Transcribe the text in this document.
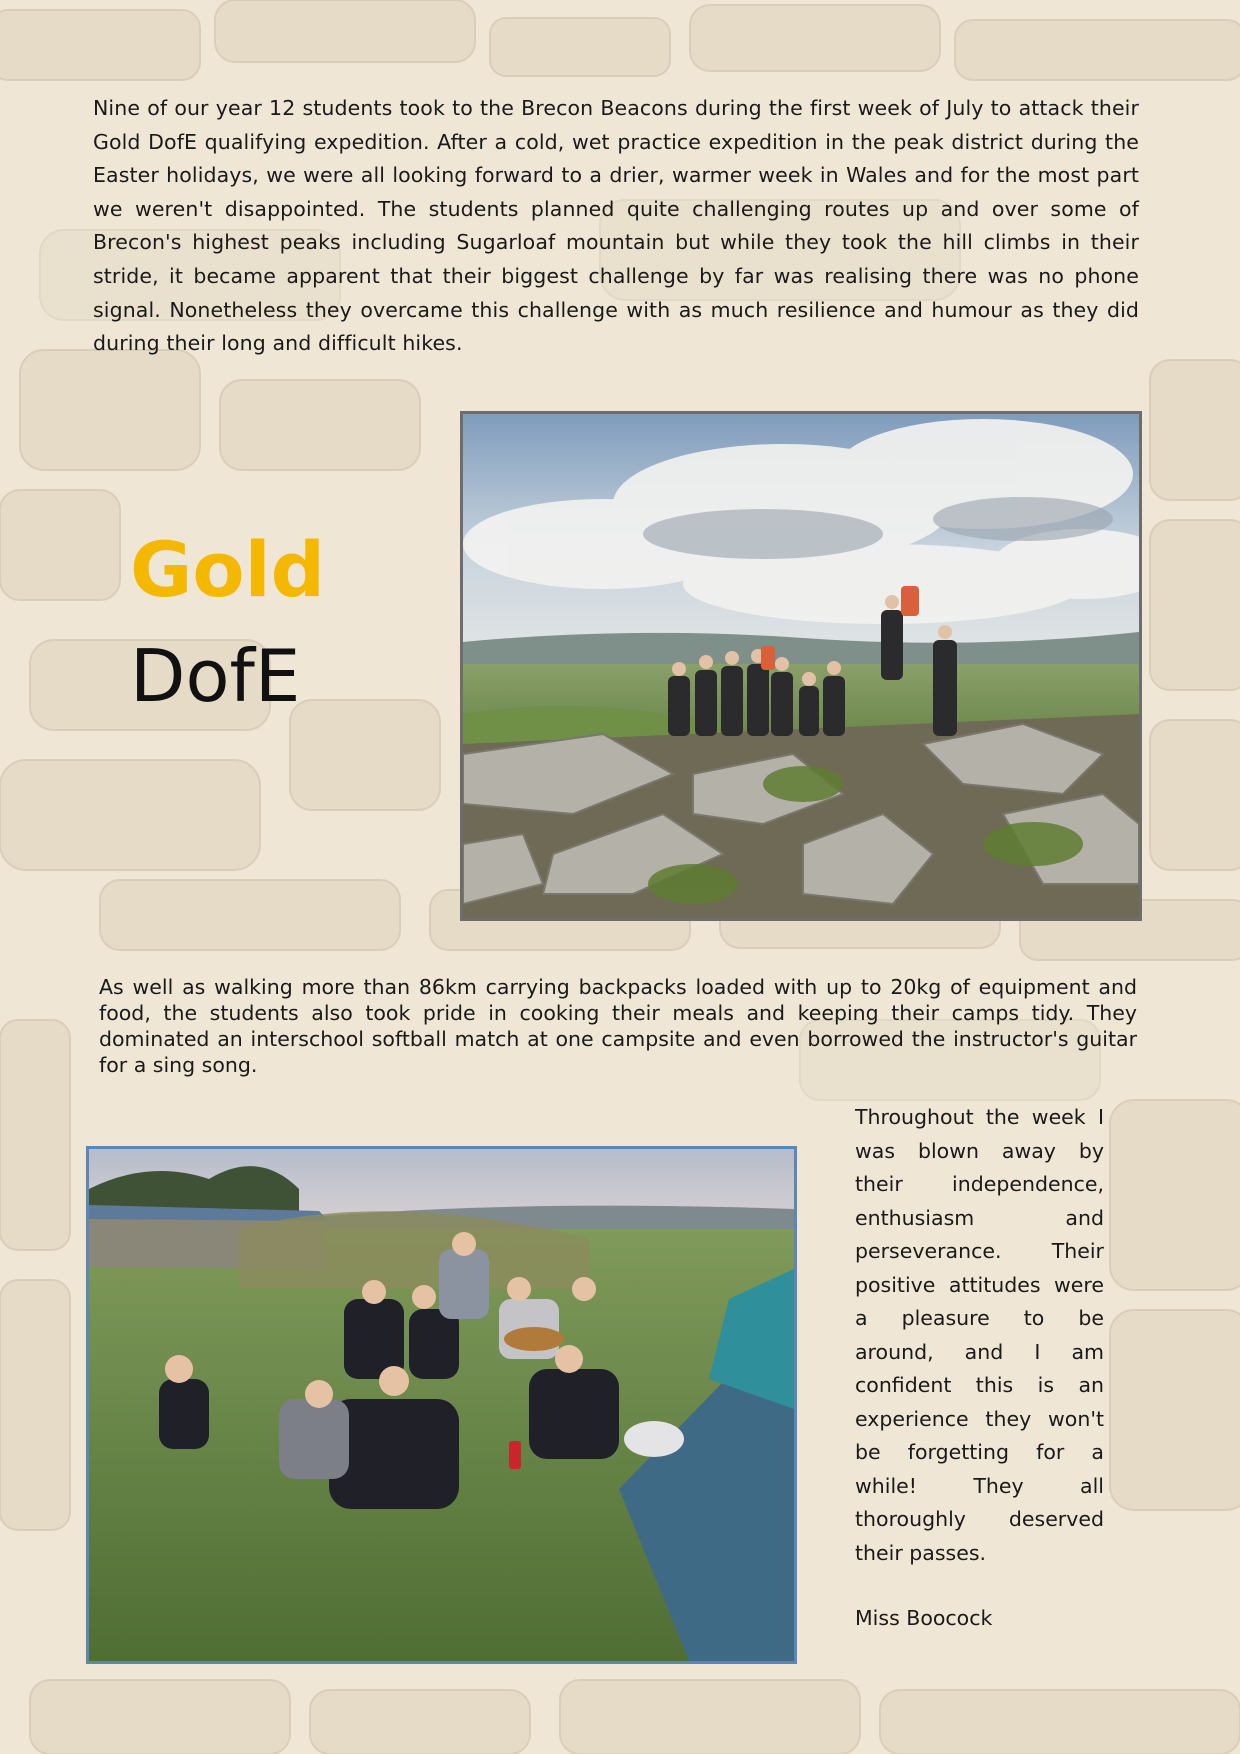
Nine of our year 12 students took to the Brecon Beacons during the first week of July to attack their Gold DofE qualifying expedition. After a cold, wet practice expedition in the peak district during the Easter holidays, we were all looking forward to a drier, warmer week in Wales and for the most part we weren't disappointed. The students planned quite challenging routes up and over some of Brecon's highest peaks including Sugarloaf mountain but while they took the hill climbs in their stride, it became apparent that their biggest challenge by far was realising there was no phone signal. Nonetheless they overcame this challenge with as much resilience and humour as they did during their long and difficult hikes.
Gold
DofE
As well as walking more than 86km carrying backpacks loaded with up to 20kg of equipment and food, the students also took pride in cooking their meals and keeping their camps tidy. They dominated an interschool softball match at one campsite and even borrowed the instructor's guitar for a sing song.
Throughout the week I was blown away by their independence, enthusiasm and perseverance. Their positive attitudes were a pleasure to be around, and I am confident this is an experience they won't be forgetting for a while! They all thoroughly deserved their passes.
Miss Boocock
